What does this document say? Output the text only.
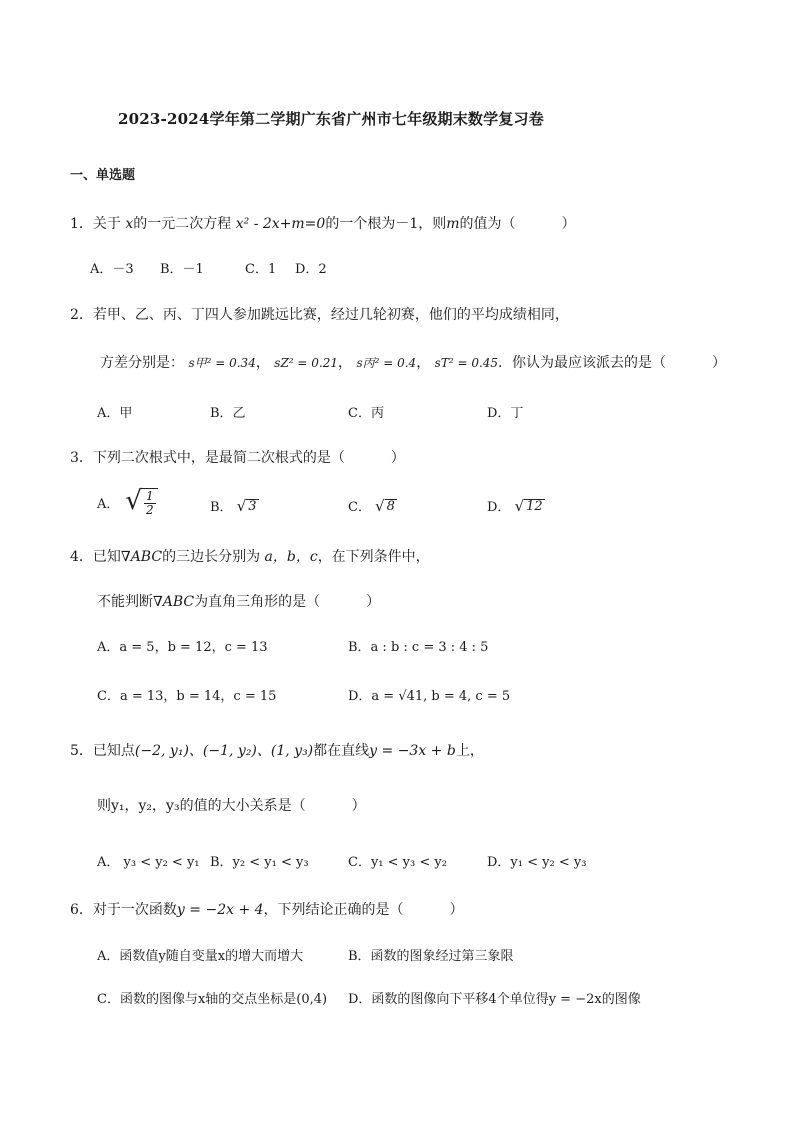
2023-2024学年第二学期广东省广州市七年级期末数学复习卷
一、单选题
1．关于 x的一元二次方程 x² - 2x+m=0的一个根为－1，则m的值为（	）
A．－3 B．－1	C．1 D．2
2．若甲、乙、丙、丁四人参加跳远比赛，经过几轮初赛，他们的平均成绩相同，
方差分别是： s甲² = 0.34， sZ² = 0.21， s丙² = 0.4， sT² = 0.45．你认为最应该派去的是（	）
A．甲	B．乙	C．丙	D．丁
3．下列二次根式中，是最简二次根式的是（	）
A． √ $\frac{1}{2}$	B． √ 3	C． √ 8	D． √ 12
4．已知∇ABC的三边长分别为 a，b，c，在下列条件中，
不能判断∇ABC为直角三角形的是（	）
A．a = 5，b = 12，c = 13	B．a : b : c = 3 : 4 : 5
C．a = 13，b = 14，c = 15	D．a = √41, b = 4, c = 5
5．已知点(−2, y₁)、(−1, y₂)、(1, y₃)都在直线y = −3x + b上，
则y₁，y₂，y₃的值的大小关系是（	）
A． y₃ < y₂ < y₁ B．y₂ < y₁ < y₃	C．y₁ < y₃ < y₂	D．y₁ < y₂ < y₃
6．对于一次函数y = −2x + 4，下列结论正确的是（	）
A．函数值y随自变量x的增大而增大	B．函数的图象经过第三象限
C．函数的图像与x轴的交点坐标是(0,4) D．函数的图像向下平移4个单位得y = −2x的图像
